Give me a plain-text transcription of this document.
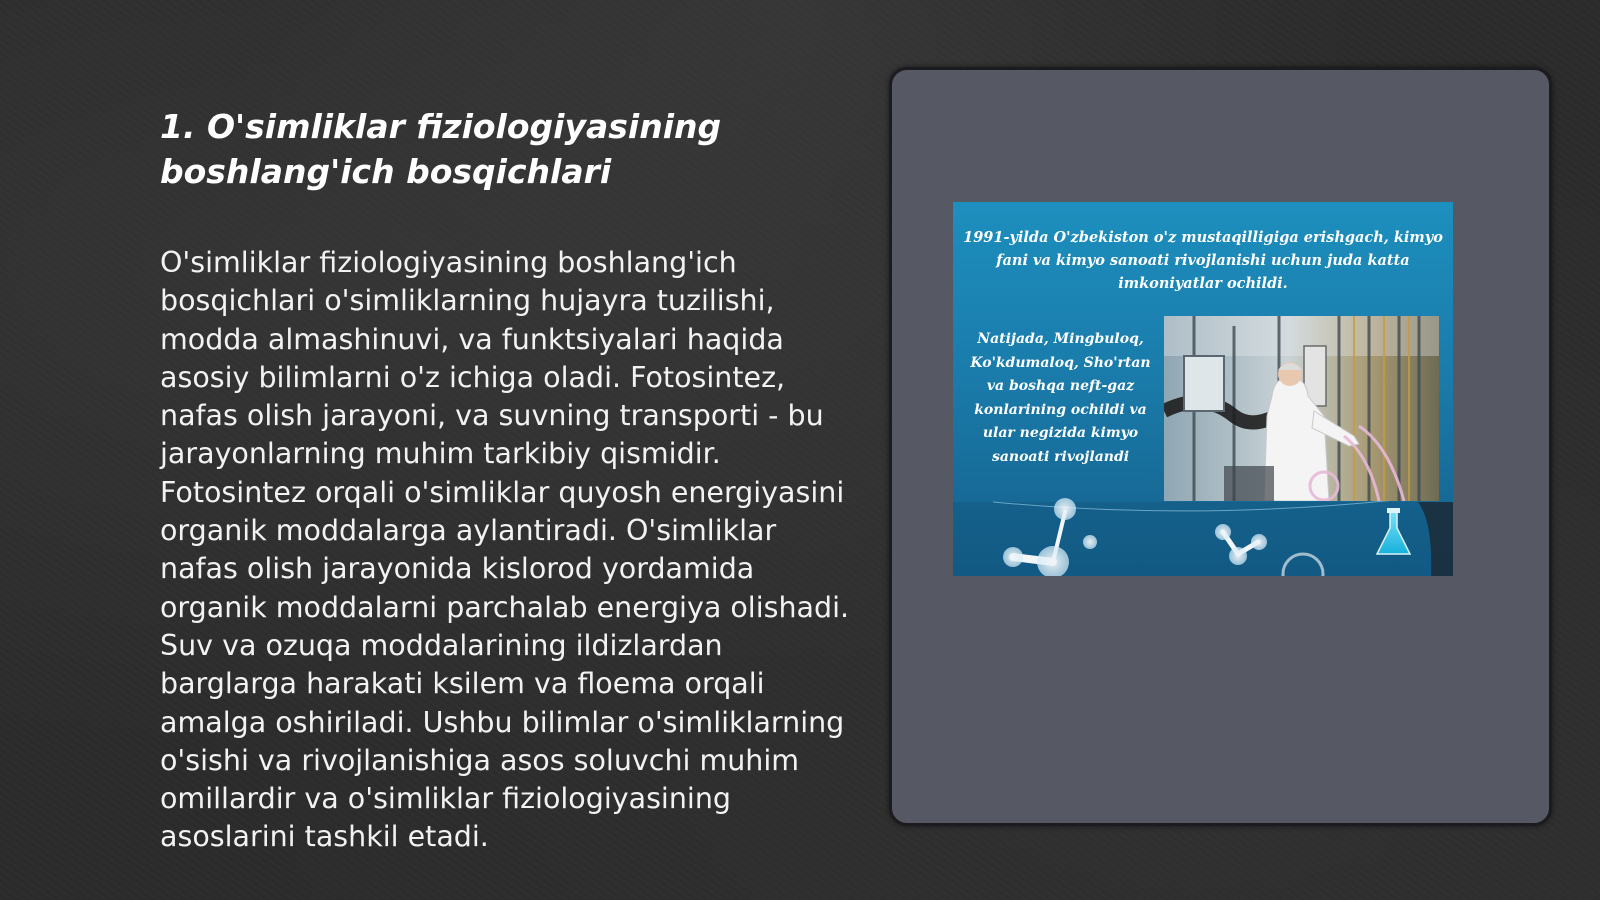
1. O'simliklar fiziologiyasining boshlang'ich bosqichlari

O'simliklar fiziologiyasining boshlang'ich bosqichlari o'simliklarning hujayra tuzilishi, modda almashinuvi, va funktsiyalari haqida asosiy bilimlarni o'z ichiga oladi. Fotosintez, nafas olish jarayoni, va suvning transporti - bu jarayonlarning muhim tarkibiy qismidir. Fotosintez orqali o'simliklar quyosh energiyasini organik moddalarga aylantiradi. O'simliklar nafas olish jarayonida kislorod yordamida organik moddalarni parchalab energiya olishadi. Suv va ozuqa moddalarining ildizlardan barglarga harakati ksilem va floema orqali amalga oshiriladi. Ushbu bilimlar o'simliklarning o'sishi va rivojlanishiga asos soluvchi muhim omillardir va o'simliklar fiziologiyasining asoslarini tashkil etadi.

1991-yilda O'zbekiston o'z mustaqilligiga erishgach, kimyo fani va kimyo sanoati rivojlanishi uchun juda katta imkoniyatlar ochildi.

Natijada, Mingbuloq, Ko'kdumaloq, Sho'rtan va boshqa neft-gaz konlarining ochildi va ular negizida kimyo sanoati rivojlandi
